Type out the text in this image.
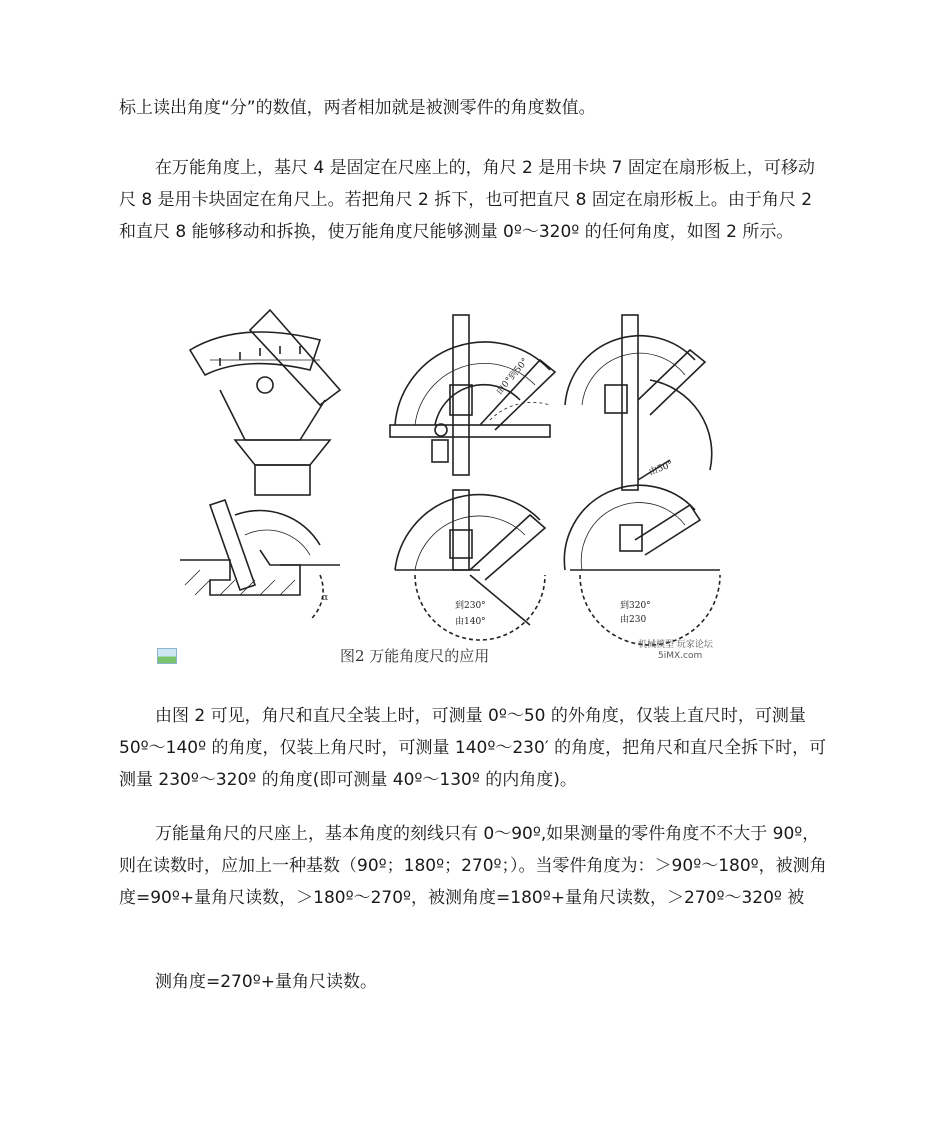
标上读出角度“分”的数值，两者相加就是被测零件的角度数值。

在万能角度上，基尺 4 是固定在尺座上的，角尺 2 是用卡块 7 固定在扇形板上，可移动尺 8 是用卡块固定在角尺上。若把角尺 2 拆下，也可把直尺 8 固定在扇形板上。由于角尺 2 和直尺 8 能够移动和拆换，使万能角度尺能够测量 0º～320º 的任何角度，如图 2 所示。

由0°到50°
由50°
到230°
由140°
到320°
由230
α
机械模型 玩家论坛
5iMX.com
图2 万能角度尺的应用

由图 2 可见，角尺和直尺全装上时，可测量 0º～50 的外角度，仅装上直尺时，可测量 50º～140º 的角度，仅装上角尺时，可测量 140º～230′ 的角度，把角尺和直尺全拆下时，可测量 230º～320º 的角度(即可测量 40º～130º 的内角度)。

万能量角尺的尺座上，基本角度的刻线只有 0～90º,如果测量的零件角度不不大于 90º，则在读数时，应加上一种基数（90º；180º；270º；）。当零件角度为：＞90º～180º，被测角度=90º+量角尺读数，＞180º～270º，被测角度=180º+量角尺读数，＞270º～320º 被

测角度=270º+量角尺读数。
